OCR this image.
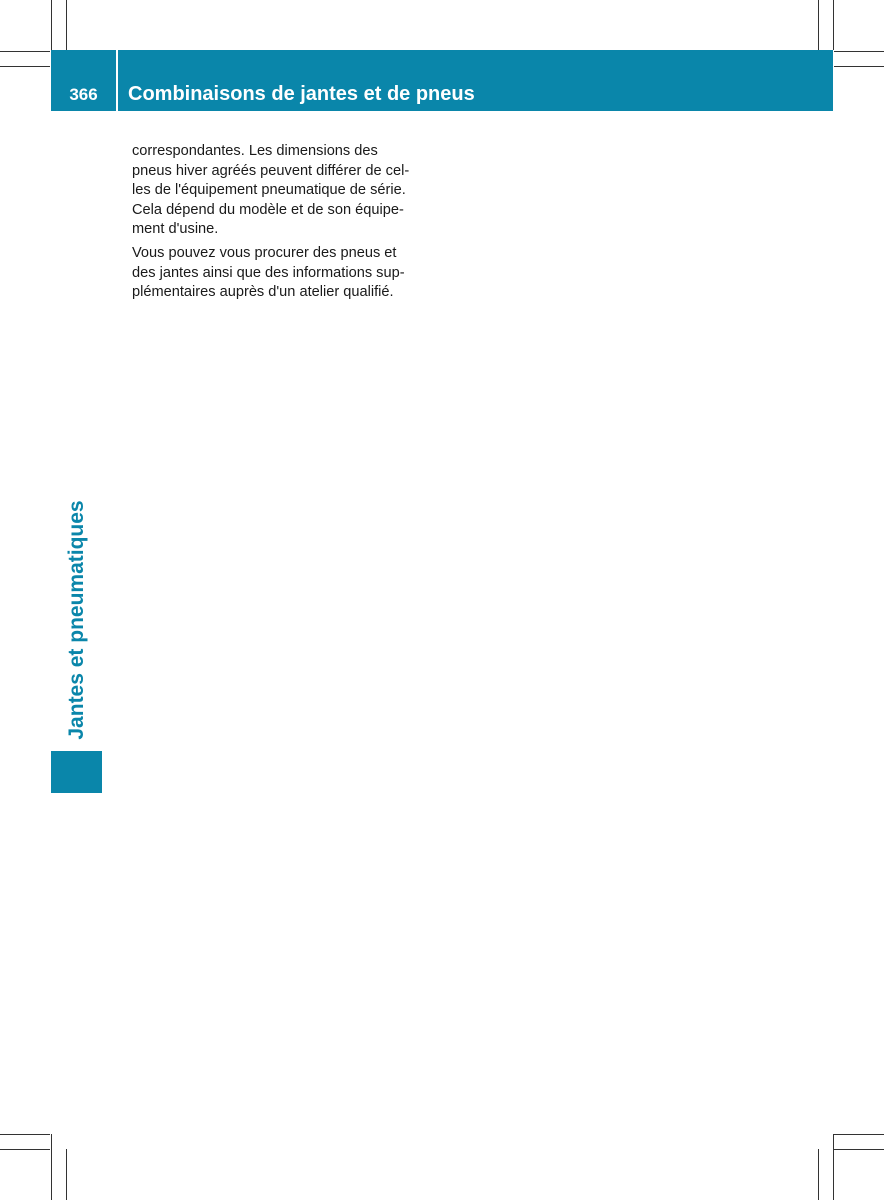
366	Combinaisons de jantes et de pneus

correspondantes. Les dimensions des
pneus hiver agréés peuvent différer de cel-
les de l'équipement pneumatique de série.
Cela dépend du modèle et de son équipe-
ment d'usine.

Vous pouvez vous procurer des pneus et
des jantes ainsi que des informations sup-
plémentaires auprès d'un atelier qualifié.

Jantes et pneumatiques
